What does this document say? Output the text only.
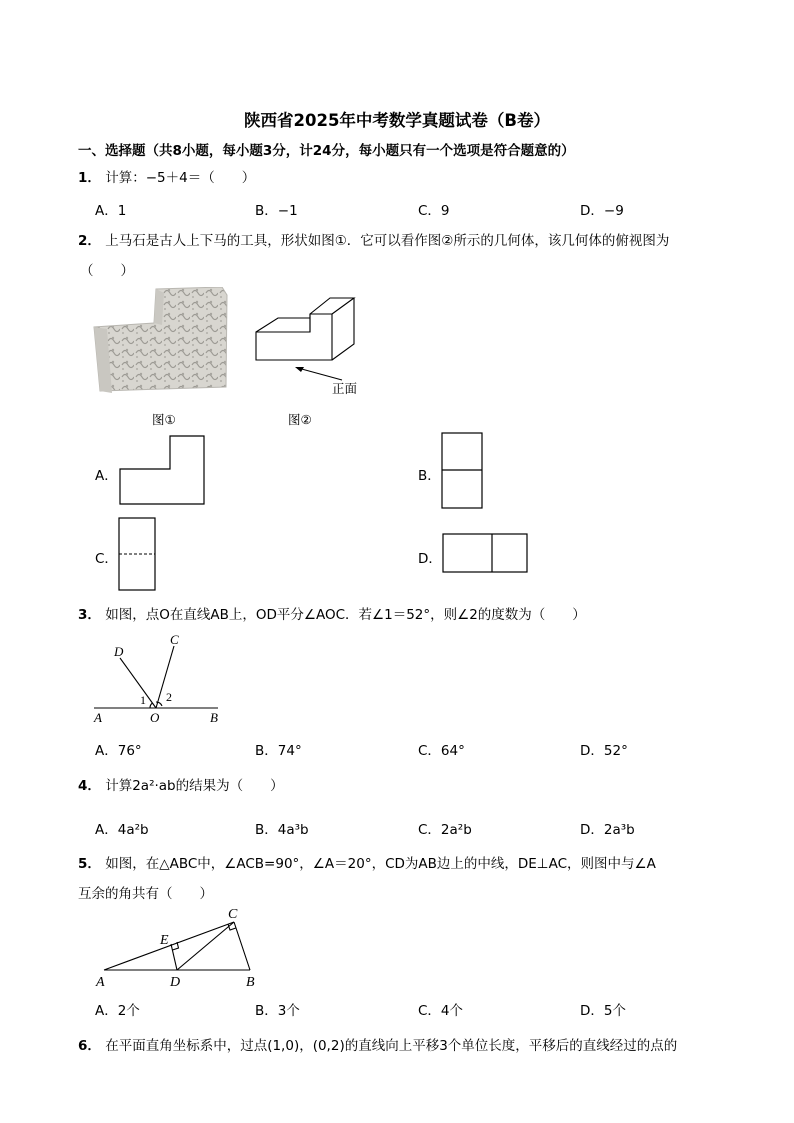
陕西省2025年中考数学真题试卷（B卷）
一、选择题（共8小题，每小题3分，计24分，每小题只有一个选项是符合题意的）
1． 计算：−5＋4＝（　　）
A．1	B．−1	C．9	D．−9
2． 上马石是古人上下马的工具，形状如图①．它可以看作图②所示的几何体，该几何体的俯视图为
（　　）
图①
正面
图②
A．	B．
C．	D．
3． 如图，点O在直线AB上，OD平分∠AOC．若∠1＝52°，则∠2的度数为（　　）
A	O	B
C
D
1 2
A．76°	B．74°	C．64°	D．52°
4． 计算2a²·ab的结果为（　　）
A．4a²b	B．4a³b	C．2a²b	D．2a³b
5． 如图，在△ABC中，∠ACB=90°，∠A＝20°，CD为AB边上的中线，DE⊥AC，则图中与∠A
互余的角共有（　　）
A	D	B
C
E
A．2个	B．3个	C．4个	D．5个
6． 在平面直角坐标系中，过点(1,0)，(0,2)的直线向上平移3个单位长度，平移后的直线经过的点的
